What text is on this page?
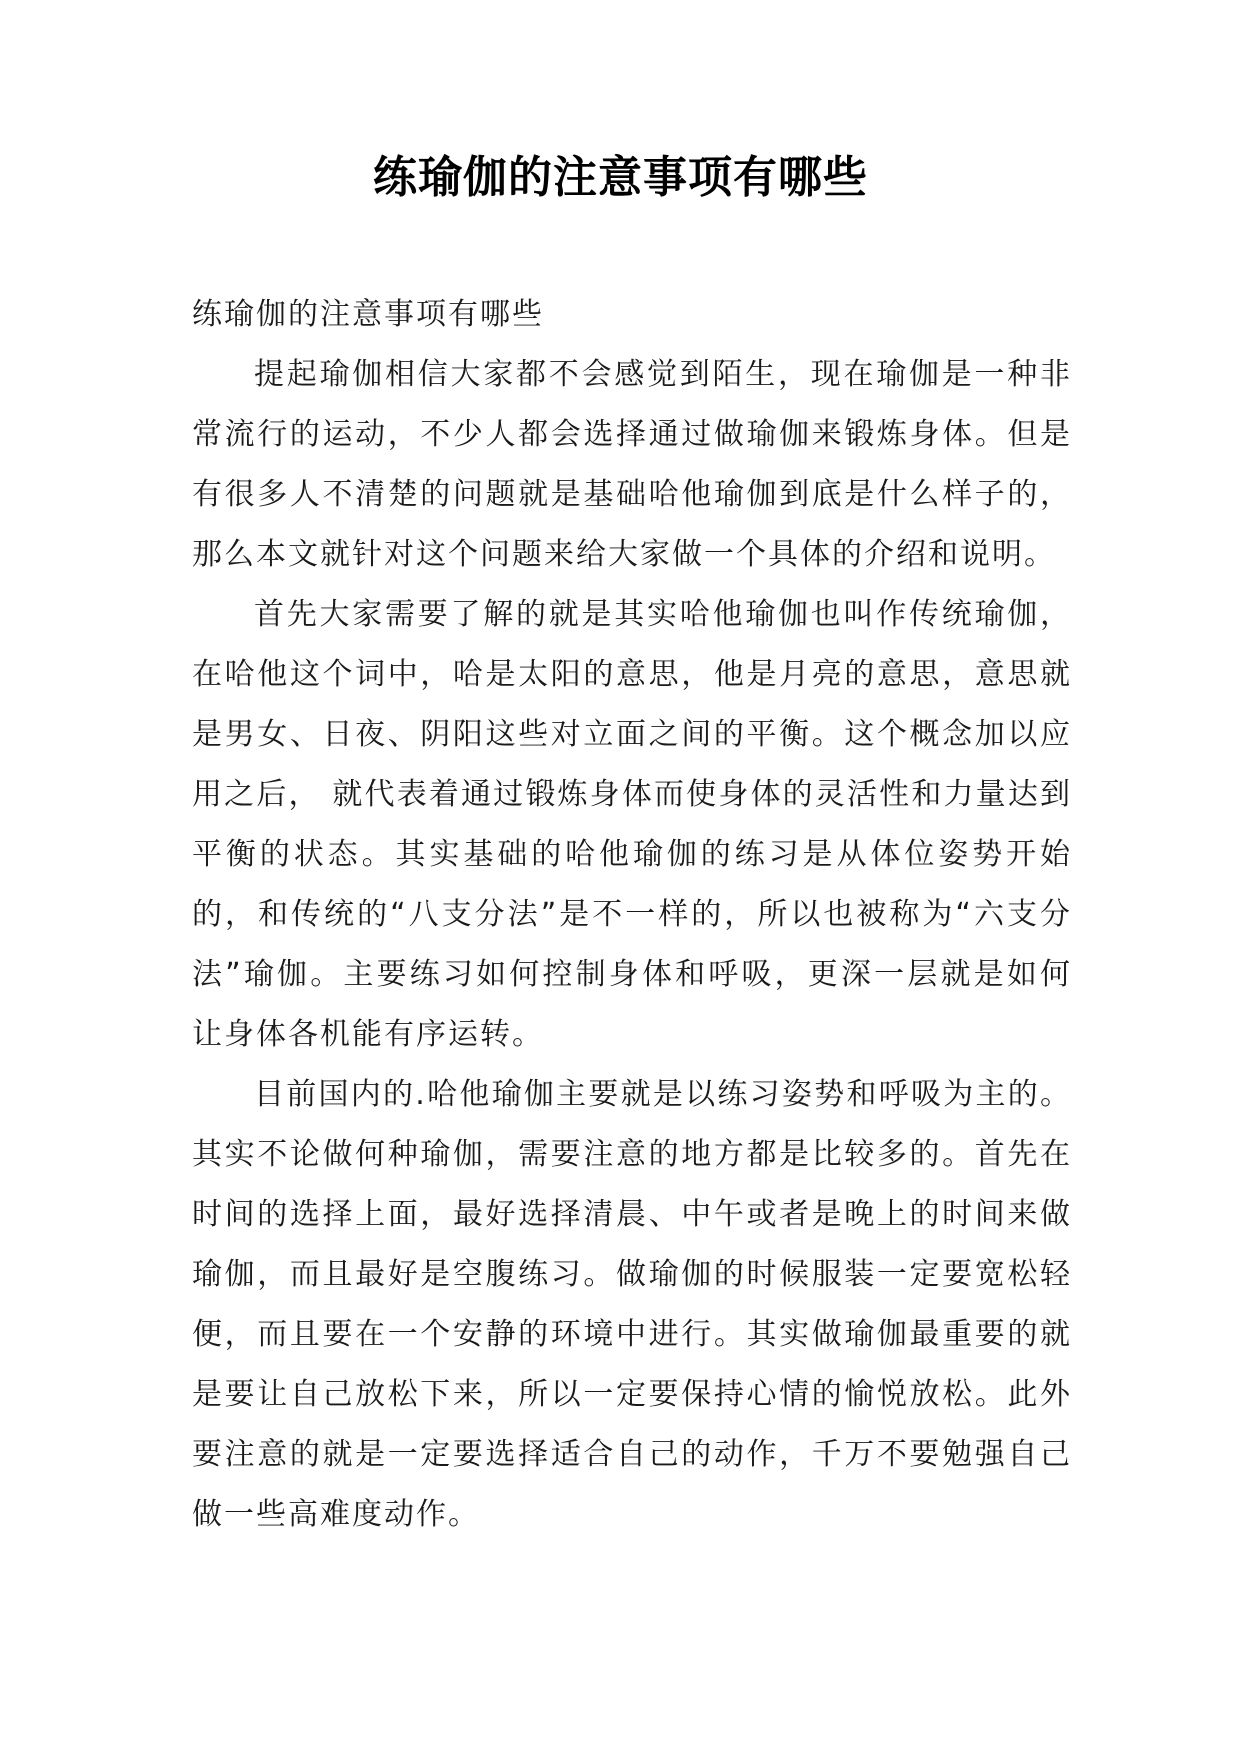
练瑜伽的注意事项有哪些

练瑜伽的注意事项有哪些

提起瑜伽相信大家都不会感觉到陌生，现在瑜伽是一种非常流行的运动，不少人都会选择通过做瑜伽来锻炼身体。但是有很多人不清楚的问题就是基础哈他瑜伽到底是什么样子的，那么本文就针对这个问题来给大家做一个具体的介绍和说明。

首先大家需要了解的就是其实哈他瑜伽也叫作传统瑜伽，在哈他这个词中，哈是太阳的意思，他是月亮的意思，意思就是男女、日夜、阴阳这些对立面之间的平衡。这个概念加以应用之后， 就代表着通过锻炼身体而使身体的灵活性和力量达到平衡的状态。其实基础的哈他瑜伽的练习是从体位姿势开始的，和传统的“八支分法”是不一样的，所以也被称为“六支分法”瑜伽。主要练习如何控制身体和呼吸，更深一层就是如何让身体各机能有序运转。

目前国内的.哈他瑜伽主要就是以练习姿势和呼吸为主的。其实不论做何种瑜伽，需要注意的地方都是比较多的。首先在时间的选择上面，最好选择清晨、中午或者是晚上的时间来做瑜伽，而且最好是空腹练习。做瑜伽的时候服装一定要宽松轻便，而且要在一个安静的环境中进行。其实做瑜伽最重要的就是要让自己放松下来，所以一定要保持心情的愉悦放松。此外要注意的就是一定要选择适合自己的动作，千万不要勉强自己做一些高难度动作。
